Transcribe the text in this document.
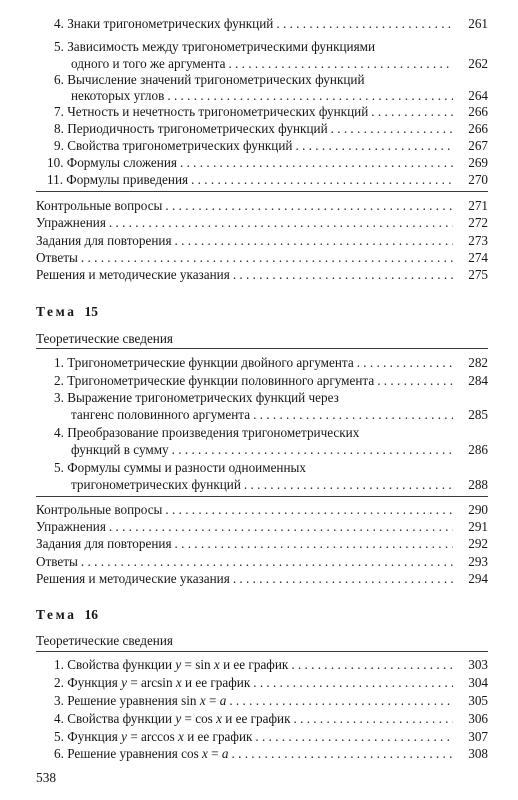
4. Знаки тригонометрических функций . . .	261
5. Зависимость между тригонометрическими функциями
одного и того же аргумента . . .	262
6. Вычисление значений тригонометрических функций
некоторых углов . . .	264
7. Четность и нечетность тригонометрических функций . . .	266
8. Периодичность тригонометрических функций . . .	266
9. Свойства тригонометрических функций . . .	267
10. Формулы сложения . . .	269
11. Формулы приведения . . .	270
Контрольные вопросы . . .	271
Упражнения . . .	272
Задания для повторения . . .	273
Ответы . . .	274
Решения и методические указания . . .	275
Тема 15
Теоретические сведения
1. Тригонометрические функции двойного аргумента . . .	282
2. Тригонометрические функции половинного аргумента . . .	284
3. Выражение тригонометрических функций через
тангенс половинного аргумента . . .	285
4. Преобразование произведения тригонометрических
функций в сумму . . .	286
5. Формулы суммы и разности одноименных
тригонометрических функций . . .	288
Контрольные вопросы . . .	290
Упражнения . . .	291
Задания для повторения . . .	292
Ответы . . .	293
Решения и методические указания . . .	294
Тема 16
Теоретические сведения
1. Свойства функции y = sin x и ее график . . .	303
2. Функция y = arcsin x и ее график . . .	304
3. Решение уравнения sin x = a . . .	305
4. Свойства функции y = cos x и ее график . . .	306
5. Функция y = arccos x и ее график . . .	307
6. Решение уравнения cos x = a . . .	308
538
